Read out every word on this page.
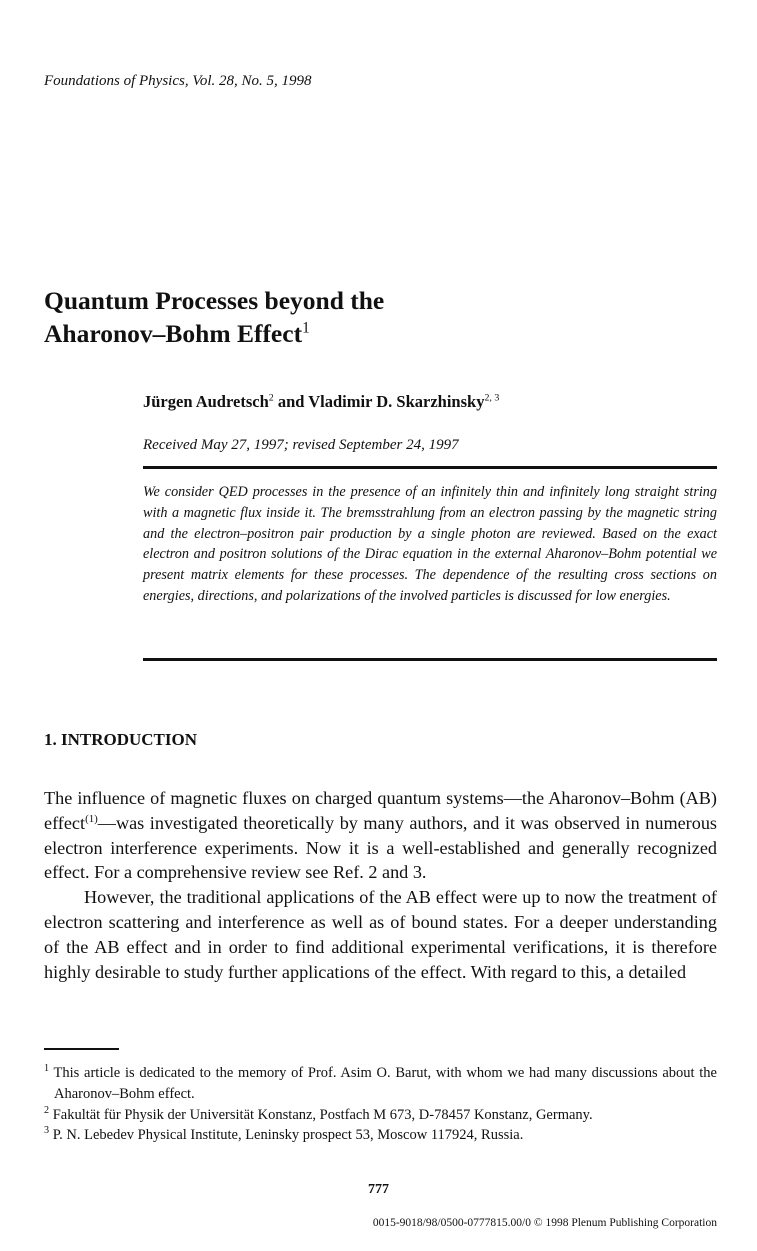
Foundations of Physics, Vol. 28, No. 5, 1998
Quantum Processes beyond the
Aharonov–Bohm Effect$^1$
Jürgen Audretsch$^2$ and Vladimir D. Skarzhinsky$^{2, 3}$
Received May 27, 1997; revised September 24, 1997
We consider QED processes in the presence of an infinitely thin and infinitely long straight string with a magnetic flux inside it. The bremsstrahlung from an electron passing by the magnetic string and the electron–positron pair production by a single photon are reviewed. Based on the exact electron and positron solutions of the Dirac equation in the external Aharonov–Bohm potential we present matrix elements for these processes. The dependence of the resulting cross sections on energies, directions, and polarizations of the involved particles is discussed for low energies.
1. INTRODUCTION

The influence of magnetic fluxes on charged quantum systems—the Aharonov–Bohm (AB) effect$^{(1)}$—was investigated theoretically by many authors, and it was observed in numerous electron interference experiments. Now it is a well-established and generally recognized effect. For a comprehensive review see Ref. 2 and 3.

However, the traditional applications of the AB effect were up to now the treatment of electron scattering and interference as well as of bound states. For a deeper understanding of the AB effect and in order to find additional experimental verifications, it is therefore highly desirable to study further applications of the effect. With regard to this, a detailed

$^1$ This article is dedicated to the memory of Prof. Asim O. Barut, with whom we had many discussions about the Aharonov–Bohm effect.
$^2$ Fakultät für Physik der Universität Konstanz, Postfach M 673, D-78457 Konstanz, Germany.
$^3$ P. N. Lebedev Physical Institute, Leninsky prospect 53, Moscow 117924, Russia.
777
0015-9018/98/0500-0777815.00/0 © 1998 Plenum Publishing Corporation
